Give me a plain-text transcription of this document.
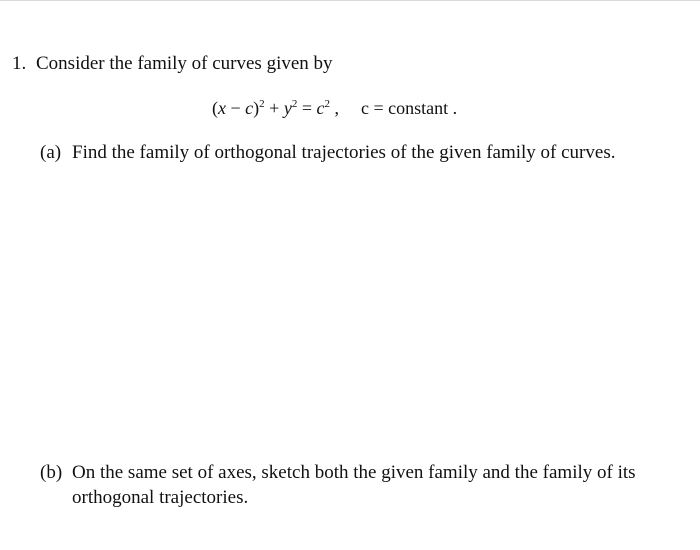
1. Consider the family of curves given by
$(x - c)^2 + y^2 = c^2$ , c = constant .
(a) Find the family of orthogonal trajectories of the given family of curves.
(b) On the same set of axes, sketch both the given family and the family of its
orthogonal trajectories.
